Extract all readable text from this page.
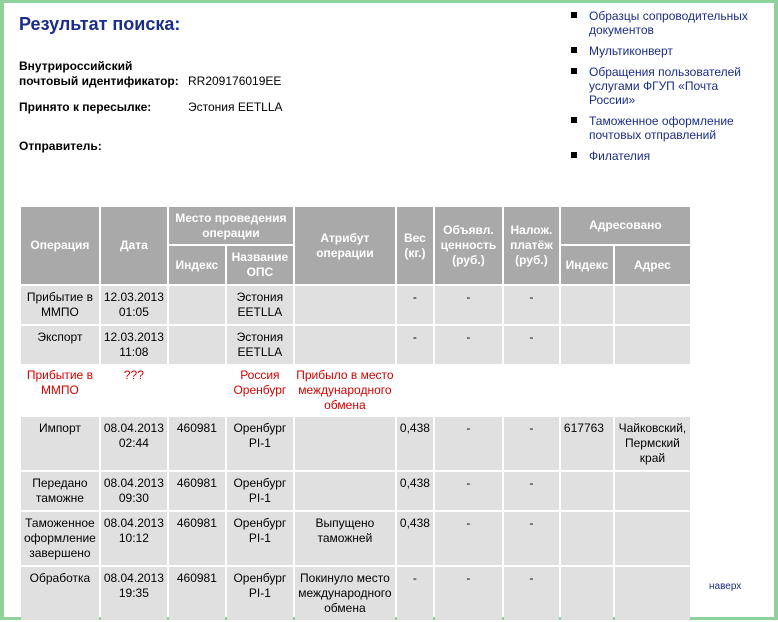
Результат поиска:
Внутрироссийский
почтовый идентификатор: RR209176019EE
Принято к пересылке:	Эстония EETLLA
Отправитель:
Образцы сопроводительных документов
Мультиконверт
Обращения пользователей услугами ФГУП «Почта России»
Таможенное оформление почтовых отправлений
Филателия
Операция	Дата	Место проведения операции		Атрибут операции	Вес (кг.)	Объявл. ценность (руб.)	Налож. платёж (руб.)	Адресовано	
		Индекс	Название ОПС					Индекс	Адрес
Прибытие в ММПО	12.03.2013 01:05		Эстония EETLLA		-	-	-		
Экспорт	12.03.2013 11:08		Эстония EETLLA		-	-	-		
Прибытие в ММПО	???		Россия Оренбург	Прибыло в место международного обмена					
Импорт	08.04.2013 02:44	460981	Оренбург PI-1		0,438	-	-	617763	Чайковский, Пермский край
Передано таможне	08.04.2013 09:30	460981	Оренбург PI-1		0,438	-	-		
Таможенное оформление завершено	08.04.2013 10:12	460981	Оренбург PI-1	Выпущено таможней	0,438	-	-		
Обработка	08.04.2013 19:35	460981	Оренбург PI-1	Покинуло место международного обмена	-	-	-		
наверх
